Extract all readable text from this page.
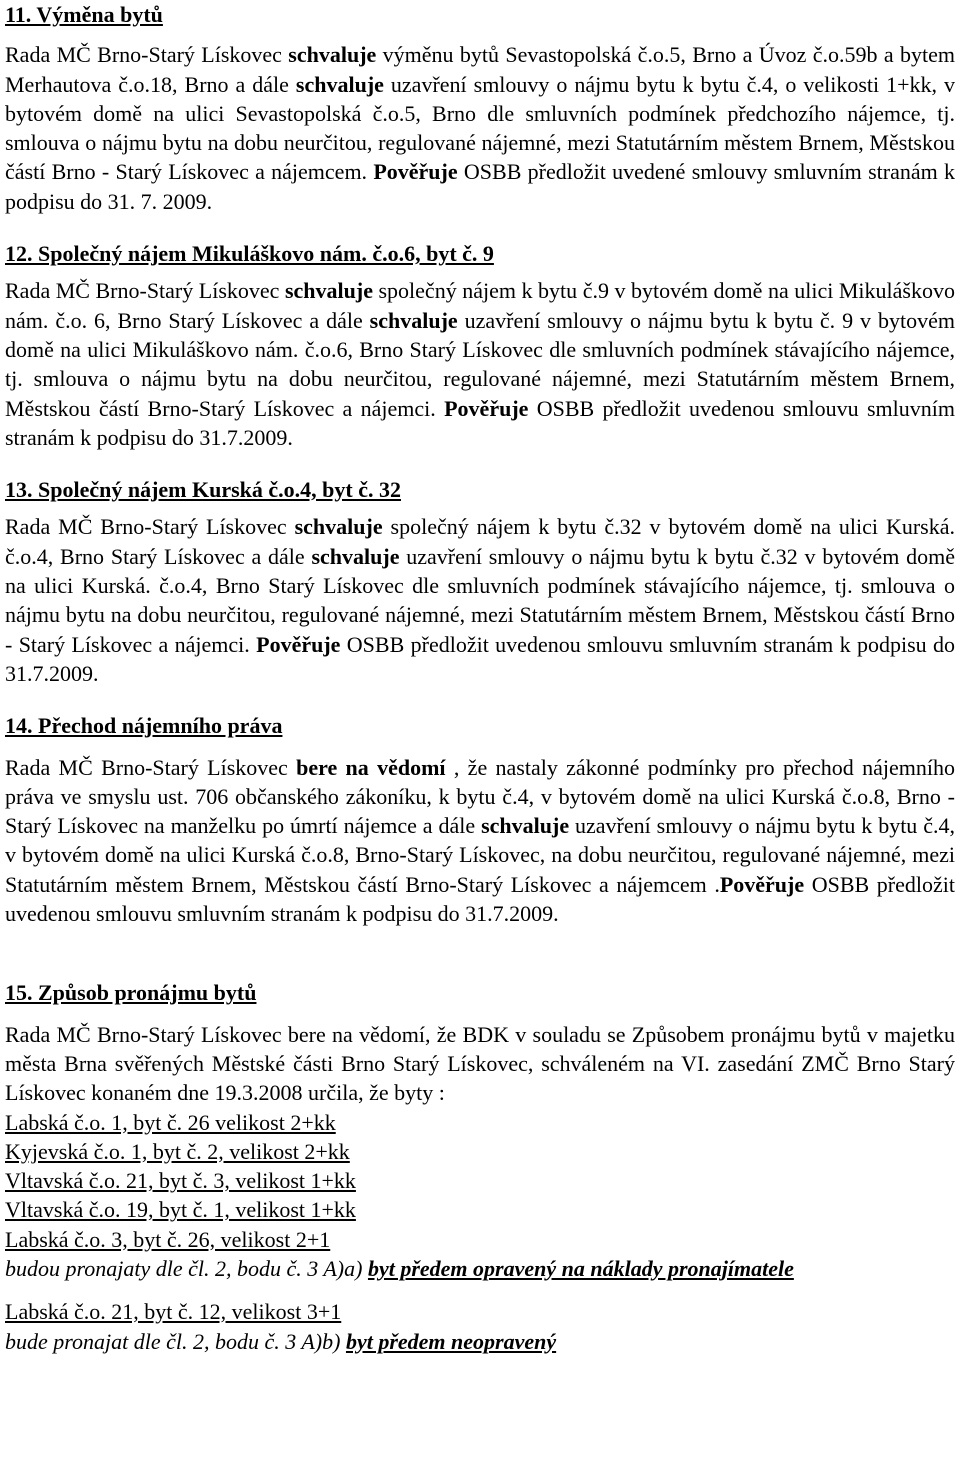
11. Výměna bytů

Rada MČ Brno-Starý Lískovec schvaluje výměnu bytů Sevastopolská č.o.5, Brno a Úvoz č.o.59b a bytem Merhautova č.o.18, Brno a dále schvaluje uzavření smlouvy o nájmu bytu k bytu č.4, o velikosti 1+kk, v bytovém domě na ulici Sevastopolská č.o.5, Brno dle smluvních podmínek předchozího nájemce, tj. smlouva o nájmu bytu na dobu neurčitou, regulované nájemné, mezi Statutárním městem Brnem, Městskou částí Brno - Starý Lískovec a nájemcem. Pověřuje OSBB předložit uvedené smlouvy smluvním stranám k podpisu do 31. 7. 2009.

12. Společný nájem Mikuláškovo nám. č.o.6, byt č. 9

Rada MČ Brno-Starý Lískovec schvaluje společný nájem k bytu č.9 v bytovém domě na ulici Mikuláškovo nám. č.o. 6, Brno Starý Lískovec a dále schvaluje uzavření smlouvy o nájmu bytu k bytu č. 9 v bytovém domě na ulici Mikuláškovo nám. č.o.6, Brno Starý Lískovec dle smluvních podmínek stávajícího nájemce, tj. smlouva o nájmu bytu na dobu neurčitou, regulované nájemné, mezi Statutárním městem Brnem, Městskou částí Brno-Starý Lískovec a nájemci. Pověřuje OSBB předložit uvedenou smlouvu smluvním stranám k podpisu do 31.7.2009.

13. Společný nájem Kurská č.o.4, byt č. 32

Rada MČ Brno-Starý Lískovec schvaluje společný nájem k bytu č.32 v bytovém domě na ulici Kurská. č.o.4, Brno Starý Lískovec a dále schvaluje uzavření smlouvy o nájmu bytu k bytu č.32 v bytovém domě na ulici Kurská. č.o.4, Brno Starý Lískovec dle smluvních podmínek stávajícího nájemce, tj. smlouva o nájmu bytu na dobu neurčitou, regulované nájemné, mezi Statutárním městem Brnem, Městskou částí Brno - Starý Lískovec a nájemci. Pověřuje OSBB předložit uvedenou smlouvu smluvním stranám k podpisu do 31.7.2009.

14. Přechod nájemního práva

Rada MČ Brno-Starý Lískovec bere na vědomí , že nastaly zákonné podmínky pro přechod nájemního práva ve smyslu ust. 706 občanského zákoníku, k bytu č.4, v bytovém domě na ulici Kurská č.o.8, Brno - Starý Lískovec na manželku po úmrtí nájemce a dále schvaluje uzavření smlouvy o nájmu bytu k bytu č.4, v bytovém domě na ulici Kurská č.o.8, Brno-Starý Lískovec, na dobu neurčitou, regulované nájemné, mezi Statutárním městem Brnem, Městskou částí Brno-Starý Lískovec a nájemcem .Pověřuje OSBB předložit uvedenou smlouvu smluvním stranám k podpisu do 31.7.2009.

15. Způsob pronájmu bytů

Rada MČ Brno-Starý Lískovec bere na vědomí, že BDK v souladu se Způsobem pronájmu bytů v majetku města Brna svěřených Městské části Brno Starý Lískovec, schváleném na VI. zasedání ZMČ Brno Starý Lískovec konaném dne 19.3.2008 určila, že byty :

Labská č.o. 1, byt č. 26 velikost 2+kk
Kyjevská č.o. 1, byt č. 2, velikost 2+kk
Vltavská č.o. 21, byt č. 3, velikost 1+kk
Vltavská č.o. 19, byt č. 1, velikost 1+kk
Labská č.o. 3, byt č. 26, velikost 2+1
budou pronajaty dle čl. 2, bodu č. 3 A)a) byt předem opravený na náklady pronajímatele
Labská č.o. 21, byt č. 12, velikost 3+1
bude pronajat dle čl. 2, bodu č. 3 A)b) byt předem neopravený
